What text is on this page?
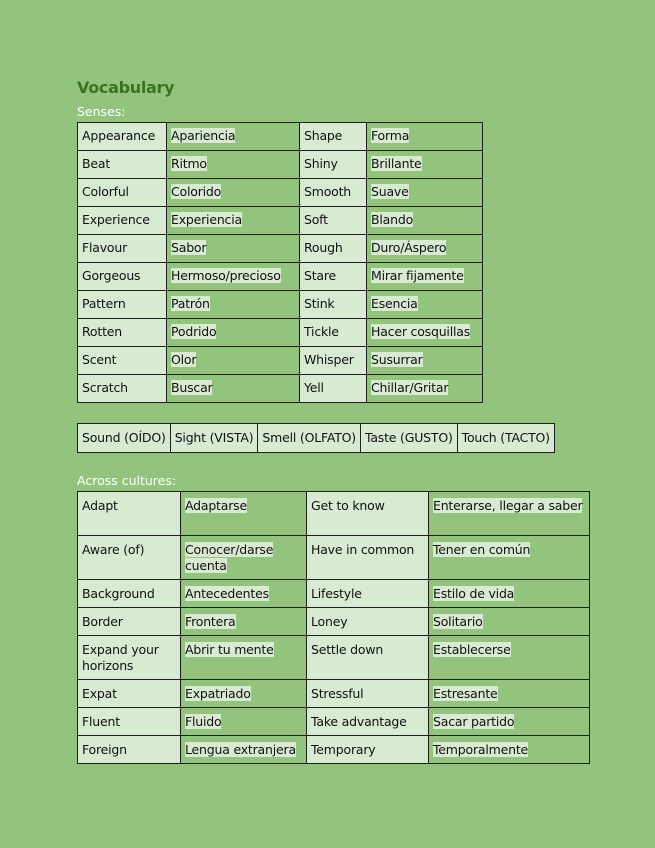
Vocabulary
Senses:
Appearance	Apariencia	Shape	Forma
Beat	Ritmo	Shiny	Brillante
Colorful	Colorido	Smooth	Suave
Experience	Experiencia	Soft	Blando
Flavour	Sabor	Rough	Duro/Áspero
Gorgeous	Hermoso/precioso	Stare	Mirar fijamente
Pattern	Patrón	Stink	Esencia
Rotten	Podrido	Tickle	Hacer cosquillas
Scent	Olor	Whisper	Susurrar
Scratch	Buscar	Yell	Chillar/Gritar
Sound (OÍDO)	Sight (VISTA)	Smell (OLFATO)	Taste (GUSTO)	Touch (TACTO)
Across cultures:
Adapt	Adaptarse	Get to know	Enterarse, llegar a saber
Aware (of)	Conocer/darse cuenta	Have in common	Tener en común
Background	Antecedentes	Lifestyle	Estilo de vida
Border	Frontera	Loney	Solitario
Expand your horizons	Abrir tu mente	Settle down	Establecerse
Expat	Expatriado	Stressful	Estresante
Fluent	Fluido	Take advantage	Sacar partido
Foreign	Lengua extranjera	Temporary	Temporalmente
